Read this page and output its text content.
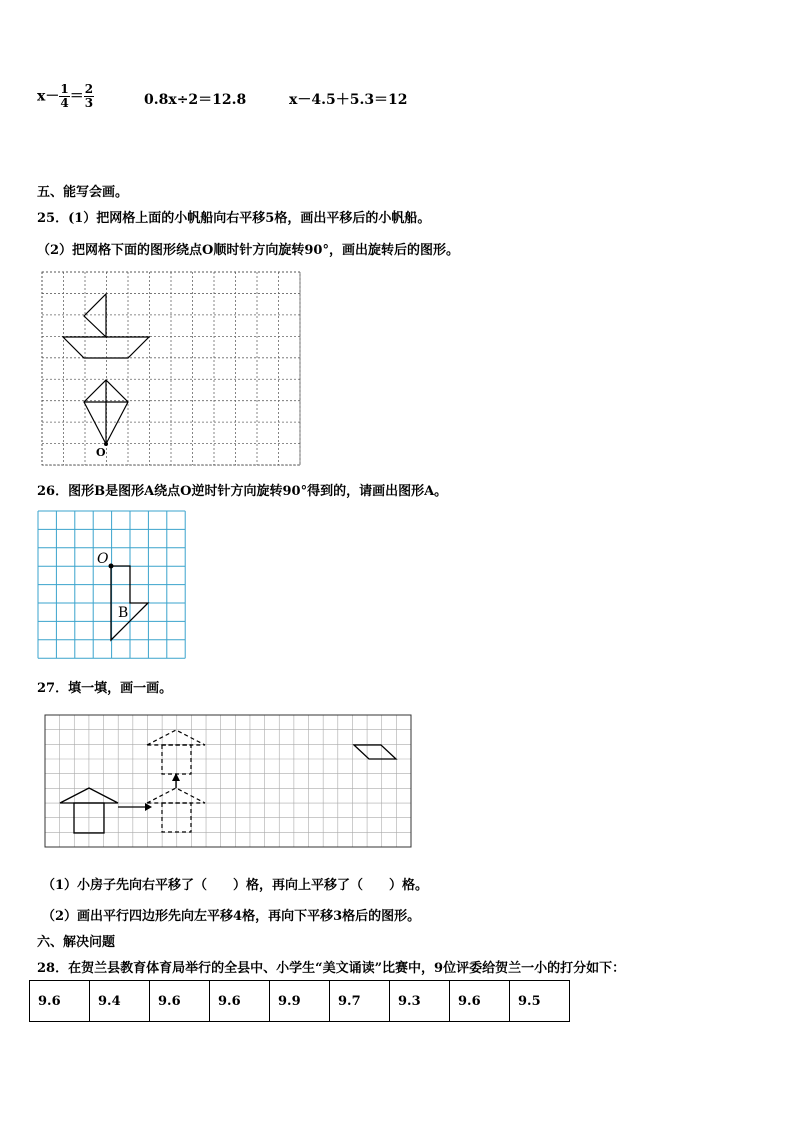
$x- \frac{1}{4} = \frac{2}{3}$	0.8x÷2＝12.8	x－4.5＋5.3＝12
五、能写会画。
25．(1）把网格上面的小帆船向右平移5格，画出平移后的小帆船。
（2）把网格下面的图形绕点O顺时针方向旋转90°，画出旋转后的图形。
O
26．图形B是图形A绕点O逆时针方向旋转90°得到的，请画出图形A。
O
B
27．填一填，画一画。
（1）小房子先向右平移了（　　）格，再向上平移了（　　）格。
（2）画出平行四边形先向左平移4格，再向下平移3格后的图形。
六、解决问题
28．在贺兰县教育体育局举行的全县中、小学生“美文诵读”比赛中，9位评委给贺兰一小的打分如下：
9.6	9.4	9.6	9.6	9.9	9.7	9.3	9.6	9.5
